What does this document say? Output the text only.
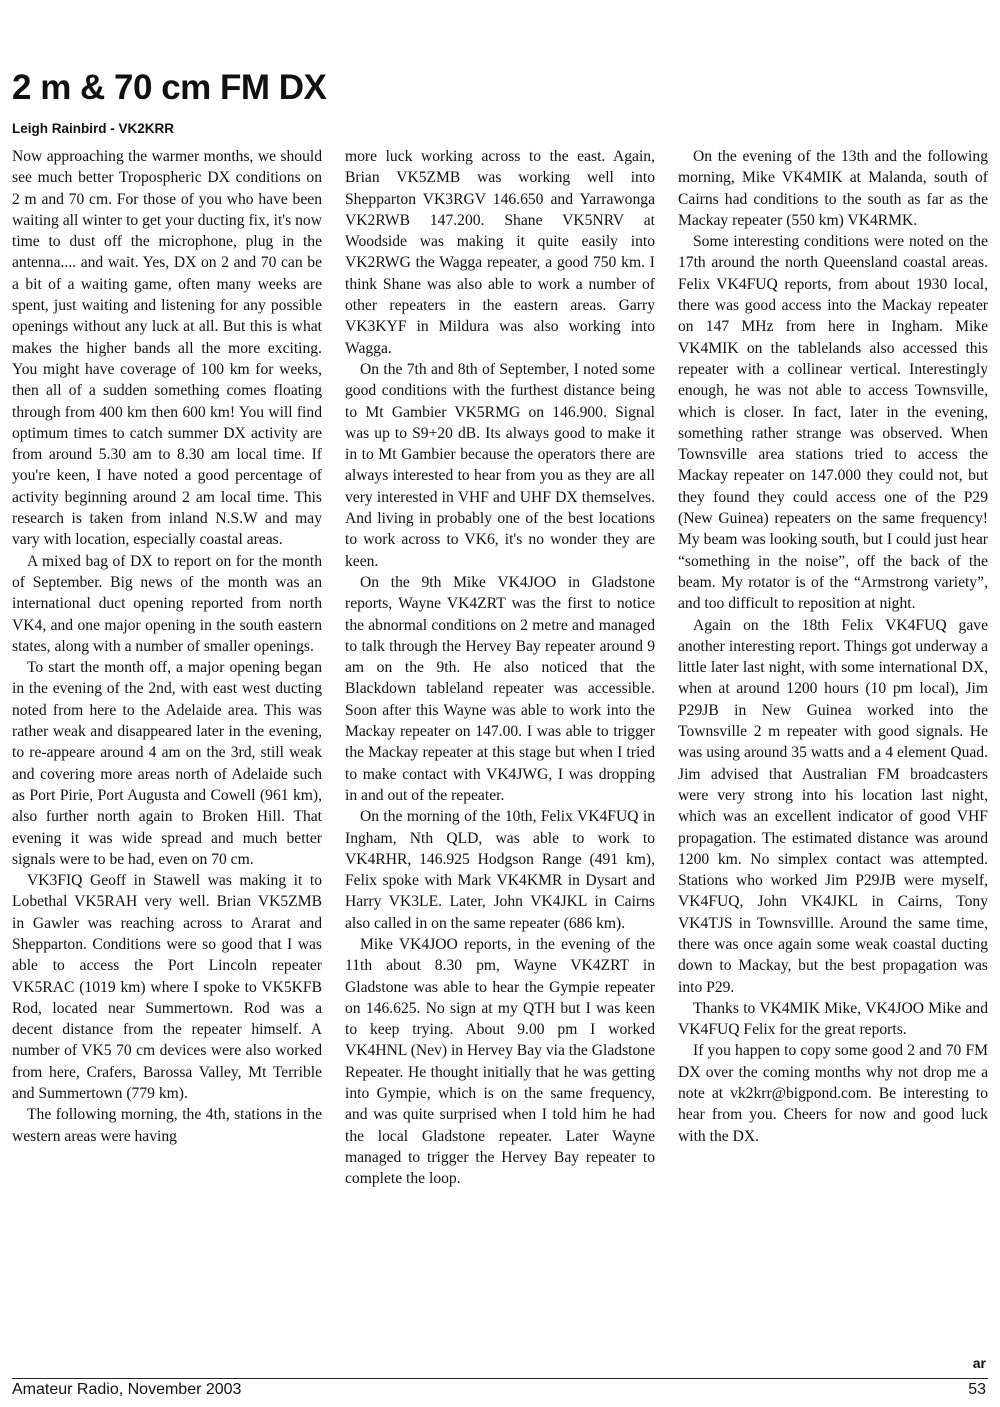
2 m & 70 cm FM DX
Leigh Rainbird - VK2KRR

Now approaching the warmer months, we should see much better Tropospheric DX conditions on 2 m and 70 cm. For those of you who have been waiting all winter to get your ducting fix, it's now time to dust off the microphone, plug in the antenna.... and wait. Yes, DX on 2 and 70 can be a bit of a waiting game, often many weeks are spent, just waiting and listening for any possible openings without any luck at all. But this is what makes the higher bands all the more exciting. You might have coverage of 100 km for weeks, then all of a sudden something comes floating through from 400 km then 600 km! You will find optimum times to catch summer DX activity are from around 5.30 am to 8.30 am local time. If you're keen, I have noted a good percentage of activity beginning around 2 am local time. This research is taken from inland N.S.W and may vary with location, especially coastal areas.

A mixed bag of DX to report on for the month of September. Big news of the month was an international duct opening reported from north VK4, and one major opening in the south eastern states, along with a number of smaller openings.

To start the month off, a major opening began in the evening of the 2nd, with east west ducting noted from here to the Adelaide area. This was rather weak and disappeared later in the evening, to re-appeare around 4 am on the 3rd, still weak and covering more areas north of Adelaide such as Port Pirie, Port Augusta and Cowell (961 km), also further north again to Broken Hill. That evening it was wide spread and much better signals were to be had, even on 70 cm.

VK3FIQ Geoff in Stawell was making it to Lobethal VK5RAH very well. Brian VK5ZMB in Gawler was reaching across to Ararat and Shepparton. Conditions were so good that I was able to access the Port Lincoln repeater VK5RAC (1019 km) where I spoke to VK5KFB Rod, located near Summertown. Rod was a decent distance from the repeater himself. A number of VK5 70 cm devices were also worked from here, Crafers, Barossa Valley, Mt Terrible and Summertown (779 km).

The following morning, the 4th, stations in the western areas were having

more luck working across to the east. Again, Brian VK5ZMB was working well into Shepparton VK3RGV 146.650 and Yarrawonga VK2RWB 147.200. Shane VK5NRV at Woodside was making it quite easily into VK2RWG the Wagga repeater, a good 750 km. I think Shane was also able to work a number of other repeaters in the eastern areas. Garry VK3KYF in Mildura was also working into Wagga.

On the 7th and 8th of September, I noted some good conditions with the furthest distance being to Mt Gambier VK5RMG on 146.900. Signal was up to S9+20 dB. Its always good to make it in to Mt Gambier because the operators there are always interested to hear from you as they are all very interested in VHF and UHF DX themselves. And living in probably one of the best locations to work across to VK6, it's no wonder they are keen.

On the 9th Mike VK4JOO in Gladstone reports, Wayne VK4ZRT was the first to notice the abnormal conditions on 2 metre and managed to talk through the Hervey Bay repeater around 9 am on the 9th. He also noticed that the Blackdown tableland repeater was accessible. Soon after this Wayne was able to work into the Mackay repeater on 147.00. I was able to trigger the Mackay repeater at this stage but when I tried to make contact with VK4JWG, I was dropping in and out of the repeater.

On the morning of the 10th, Felix VK4FUQ in Ingham, Nth QLD, was able to work to VK4RHR, 146.925 Hodgson Range (491 km), Felix spoke with Mark VK4KMR in Dysart and Harry VK3LE. Later, John VK4JKL in Cairns also called in on the same repeater (686 km).

Mike VK4JOO reports, in the evening of the 11th about 8.30 pm, Wayne VK4ZRT in Gladstone was able to hear the Gympie repeater on 146.625. No sign at my QTH but I was keen to keep trying. About 9.00 pm I worked VK4HNL (Nev) in Hervey Bay via the Gladstone Repeater. He thought initially that he was getting into Gympie, which is on the same frequency, and was quite surprised when I told him he had the local Gladstone repeater. Later Wayne managed to trigger the Hervey Bay repeater to complete the loop.

On the evening of the 13th and the following morning, Mike VK4MIK at Malanda, south of Cairns had conditions to the south as far as the Mackay repeater (550 km) VK4RMK.

Some interesting conditions were noted on the 17th around the north Queensland coastal areas. Felix VK4FUQ reports, from about 1930 local, there was good access into the Mackay repeater on 147 MHz from here in Ingham. Mike VK4MIK on the tablelands also accessed this repeater with a collinear vertical. Interestingly enough, he was not able to access Townsville, which is closer. In fact, later in the evening, something rather strange was observed. When Townsville area stations tried to access the Mackay repeater on 147.000 they could not, but they found they could access one of the P29 (New Guinea) repeaters on the same frequency! My beam was looking south, but I could just hear “something in the noise”, off the back of the beam. My rotator is of the “Armstrong variety”, and too difficult to reposition at night.

Again on the 18th Felix VK4FUQ gave another interesting report. Things got underway a little later last night, with some international DX, when at around 1200 hours (10 pm local), Jim P29JB in New Guinea worked into the Townsville 2 m repeater with good signals. He was using around 35 watts and a 4 element Quad. Jim advised that Australian FM broadcasters were very strong into his location last night, which was an excellent indicator of good VHF propagation. The estimated distance was around 1200 km. No simplex contact was attempted. Stations who worked Jim P29JB were myself, VK4FUQ, John VK4JKL in Cairns, Tony VK4TJS in Townsvillle. Around the same time, there was once again some weak coastal ducting down to Mackay, but the best propagation was into P29.

Thanks to VK4MIK Mike, VK4JOO Mike and VK4FUQ Felix for the great reports.

If you happen to copy some good 2 and 70 FM DX over the coming months why not drop me a note at vk2krr@bigpond.com. Be interesting to hear from you. Cheers for now and good luck with the DX.

ar
Amateur Radio, November 2003	53
